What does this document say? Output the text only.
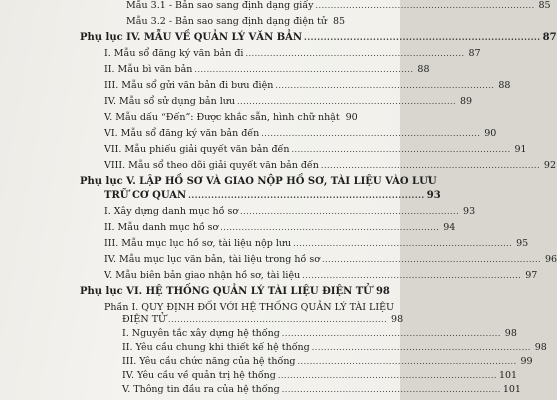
Mẫu 3.1 - Bản sao sang định dạng giấy ........................................................................ 85
Mẫu 3.2 - Bản sao sang định dạng điện tử 85
Phụ lục IV. MẪU VỀ QUẢN LÝ VĂN BẢN ........................................................................ 87
I. Mẫu sổ đăng ký văn bản đi ........................................................................ 87
II. Mẫu bì văn bản ........................................................................ 88
III. Mẫu sổ gửi văn bản đi bưu điện ........................................................................ 88
IV. Mẫu sổ sử dụng bản lưu ........................................................................ 89
V. Mẫu dấu “Đến”: Được khắc sẵn, hình chữ nhật 90
VI. Mẫu sổ đăng ký văn bản đến ........................................................................ 90
VII. Mẫu phiếu giải quyết văn bản đến ........................................................................ 91
VIII. Mẫu sổ theo dõi giải quyết văn bản đến ........................................................................ 92
Phụ lục V. LẬP HỒ SƠ VÀ GIAO NỘP HỒ SƠ, TÀI LIỆU VÀO LƯU
TRỮ CƠ QUAN ........................................................................ 93
I. Xây dựng danh mục hồ sơ ........................................................................ 93
II. Mẫu danh mục hồ sơ ........................................................................ 94
III. Mẫu mục lục hồ sơ, tài liệu nộp lưu ........................................................................ 95
IV. Mẫu mục lục văn bản, tài liệu trong hồ sơ ........................................................................ 96
V. Mẫu biên bản giao nhận hồ sơ, tài liệu ........................................................................ 97
Phụ lục VI. HỆ THỐNG QUẢN LÝ TÀI LIỆU ĐIỆN TỬ 98
Phần I. QUY ĐỊNH ĐỐI VỚI HỆ THỐNG QUẢN LÝ TÀI LIỆU
ĐIỆN TỬ ........................................................................ 98
I. Nguyên tắc xây dựng hệ thống ........................................................................ 98
II. Yêu cầu chung khi thiết kế hệ thống ........................................................................ 98
III. Yêu cầu chức năng của hệ thống ........................................................................ 99
IV. Yêu cầu về quản trị hệ thống ........................................................................ 101
V. Thông tin đầu ra của hệ thống ........................................................................ 101
